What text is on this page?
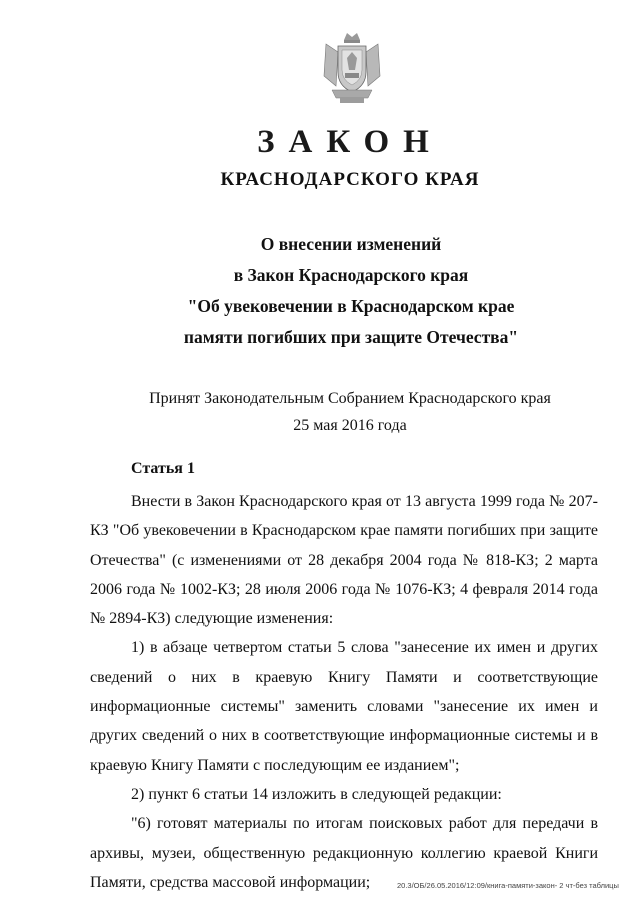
ЗАКОН
КРАСНОДАРСКОГО КРАЯ
О внесении изменений
в Закон Краснодарского края
"Об увековечении в Краснодарском крае
памяти погибших при защите Отечества"
Принят Законодательным Собранием Краснодарского края
25 мая 2016 года
Статья 1

Внести в Закон Краснодарского края от 13 августа 1999 года № 207-КЗ "Об увековечении в Краснодарском крае памяти погибших при защите Отечества" (с изменениями от 28 декабря 2004 года № 818-КЗ; 2 марта 2006 года № 1002-КЗ; 28 июля 2006 года № 1076-КЗ; 4 февраля 2014 года № 2894-КЗ) следующие изменения:

1) в абзаце четвертом статьи 5 слова "занесение их имен и других сведений о них в краевую Книгу Памяти и соответствующие информационные системы" заменить словами "занесение их имен и других сведений о них в соответствующие информационные системы и в краевую Книгу Памяти с последующим ее изданием";

2) пункт 6 статьи 14 изложить в следующей редакции:

"6) готовят материалы по итогам поисковых работ для передачи в архивы, музеи, общественную редакционную коллегию краевой Книги Памяти, средства массовой информации;	20.3/ОБ/26.05.2016/12:09/книга-памяти-закон- 2 чт-без таблицы
